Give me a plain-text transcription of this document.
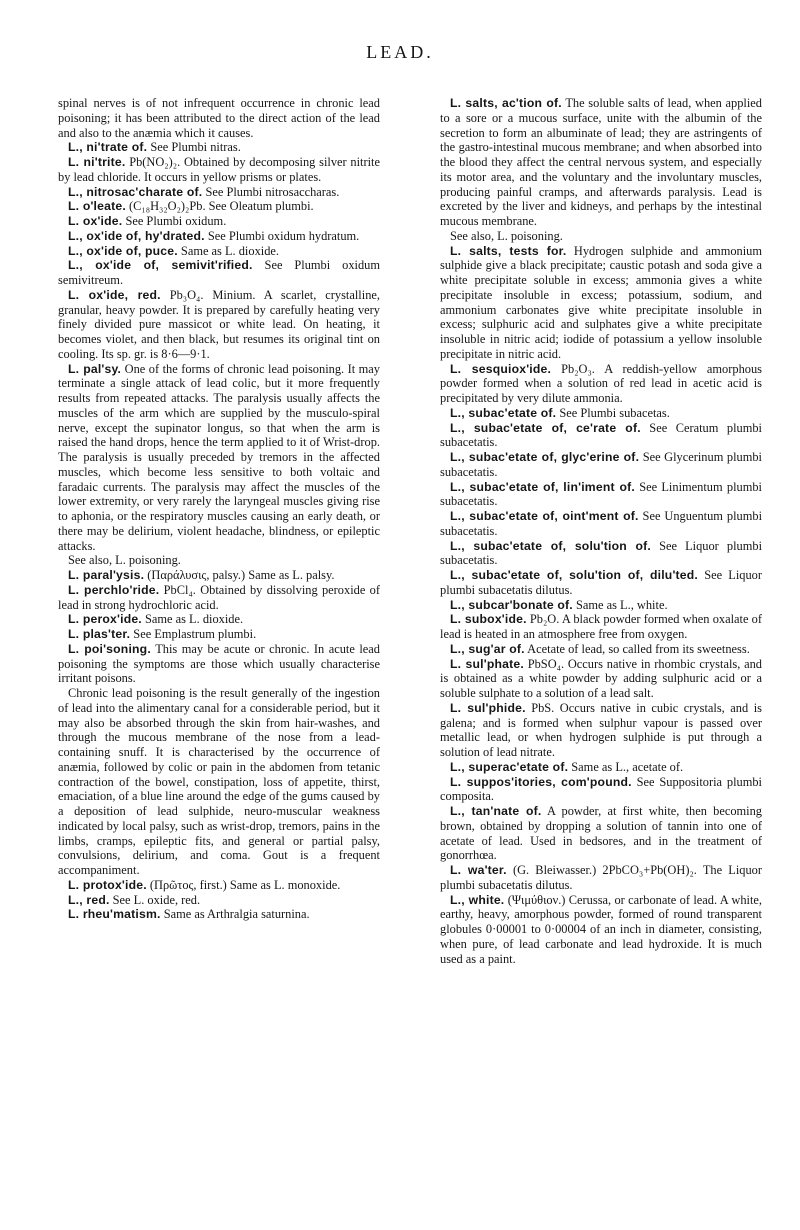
LEAD.

spinal nerves is of not infrequent occurrence in chronic lead poisoning; it has been attributed to the direct action of the lead and also to the anæmia which it causes.

L., ni'trate of. See Plumbi nitras.

L. ni'trite. Pb(NO₂)₂. Obtained by decomposing silver nitrite by lead chloride. It occurs in yellow prisms or plates.

L., nitrosac'charate of. See Plumbi nitrosaccharas.

L. o'leate. (C₁₈H₃₂O₂)₂Pb. See Oleatum plumbi.

L. ox'ide. See Plumbi oxidum.

L., ox'ide of, hy'drated. See Plumbi oxidum hydratum.

L., ox'ide of, puce. Same as L. dioxide.

L., ox'ide of, semivit'rified. See Plumbi oxidum semivitreum.

L. ox'ide, red. Pb₃O₄. Minium. A scarlet, crystalline, granular, heavy powder. It is prepared by carefully heating very finely divided pure massicot or white lead. On heating, it becomes violet, and then black, but resumes its original tint on cooling. Its sp. gr. is 8·6—9·1.

L. pal'sy. One of the forms of chronic lead poisoning. It may terminate a single attack of lead colic, but it more frequently results from repeated attacks. The paralysis usually affects the muscles of the arm which are supplied by the musculo-spiral nerve, except the supinator longus, so that when the arm is raised the hand drops, hence the term applied to it of Wrist-drop. The paralysis is usually preceded by tremors in the affected muscles, which become less sensitive to both voltaic and faradaic currents. The paralysis may affect the muscles of the lower extremity, or very rarely the laryngeal muscles giving rise to aphonia, or the respiratory muscles causing an early death, or there may be delirium, violent headache, blindness, or epileptic attacks.

See also, L. poisoning.

L. paral'ysis. (Παράλυσις, palsy.) Same as L. palsy.

L. perchlo'ride. PbCl₄. Obtained by dissolving peroxide of lead in strong hydrochloric acid.

L. perox'ide. Same as L. dioxide.

L. plas'ter. See Emplastrum plumbi.

L. poi'soning. This may be acute or chronic. In acute lead poisoning the symptoms are those which usually characterise irritant poisons.

Chronic lead poisoning is the result generally of the ingestion of lead into the alimentary canal for a considerable period, but it may also be absorbed through the skin from hair-washes, and through the mucous membrane of the nose from a lead-containing snuff. It is characterised by the occurrence of anæmia, followed by colic or pain in the abdomen from tetanic contraction of the bowel, constipation, loss of appetite, thirst, emaciation, of a blue line around the edge of the gums caused by a deposition of lead sulphide, neuro-muscular weakness indicated by local palsy, such as wrist-drop, tremors, pains in the limbs, cramps, epileptic fits, and general or partial palsy, convulsions, delirium, and coma. Gout is a frequent accompaniment.

L. protox'ide. (Πρῶτος, first.) Same as L. monoxide.

L., red. See L. oxide, red.

L. rheu'matism. Same as Arthralgia saturnina.

L. salts, ac'tion of. The soluble salts of lead, when applied to a sore or a mucous surface, unite with the albumin of the secretion to form an albuminate of lead; they are astringents of the gastro-intestinal mucous membrane; and when absorbed into the blood they affect the central nervous system, and especially its motor area, and the voluntary and the involuntary muscles, producing painful cramps, and afterwards paralysis. Lead is excreted by the liver and kidneys, and perhaps by the intestinal mucous membrane.

See also, L. poisoning.

L. salts, tests for. Hydrogen sulphide and ammonium sulphide give a black precipitate; caustic potash and soda give a white precipitate soluble in excess; ammonia gives a white precipitate insoluble in excess; potassium, sodium, and ammonium carbonates give white precipitate insoluble in excess; sulphuric acid and sulphates give a white precipitate insoluble in nitric acid; iodide of potassium a yellow insoluble precipitate in nitric acid.

L. sesquiox'ide. Pb₂O₃. A reddish-yellow amorphous powder formed when a solution of red lead in acetic acid is precipitated by very dilute ammonia.

L., subac'etate of. See Plumbi subacetas.

L., subac'etate of, ce'rate of. See Ceratum plumbi subacetatis.

L., subac'etate of, glyc'erine of. See Glycerinum plumbi subacetatis.

L., subac'etate of, lin'iment of. See Linimentum plumbi subacetatis.

L., subac'etate of, oint'ment of. See Unguentum plumbi subacetatis.

L., subac'etate of, solu'tion of. See Liquor plumbi subacetatis.

L., subac'etate of, solu'tion of, dilu'ted. See Liquor plumbi subacetatis dilutus.

L., subcar'bonate of. Same as L., white.

L. subox'ide. Pb₂O. A black powder formed when oxalate of lead is heated in an atmosphere free from oxygen.

L., sug'ar of. Acetate of lead, so called from its sweetness.

L. sul'phate. PbSO₄. Occurs native in rhombic crystals, and is obtained as a white powder by adding sulphuric acid or a soluble sulphate to a solution of a lead salt.

L. sul'phide. PbS. Occurs native in cubic crystals, and is galena; and is formed when sulphur vapour is passed over metallic lead, or when hydrogen sulphide is put through a solution of lead nitrate.

L., superac'etate of. Same as L., acetate of.

L. suppos'itories, com'pound. See Suppositoria plumbi composita.

L., tan'nate of. A powder, at first white, then becoming brown, obtained by dropping a solution of tannin into one of acetate of lead. Used in bedsores, and in the treatment of gonorrhœa.

L. wa'ter. (G. Bleiwasser.) 2PbCO₃+Pb(OH)₂. The Liquor plumbi subacetatis dilutus.

L., white. (Ψιμύθιον.) Cerussa, or carbonate of lead. A white, earthy, heavy, amorphous powder, formed of round transparent globules 0·00001 to 0·00004 of an inch in diameter, consisting, when pure, of lead carbonate and lead hydroxide. It is much used as a paint.
